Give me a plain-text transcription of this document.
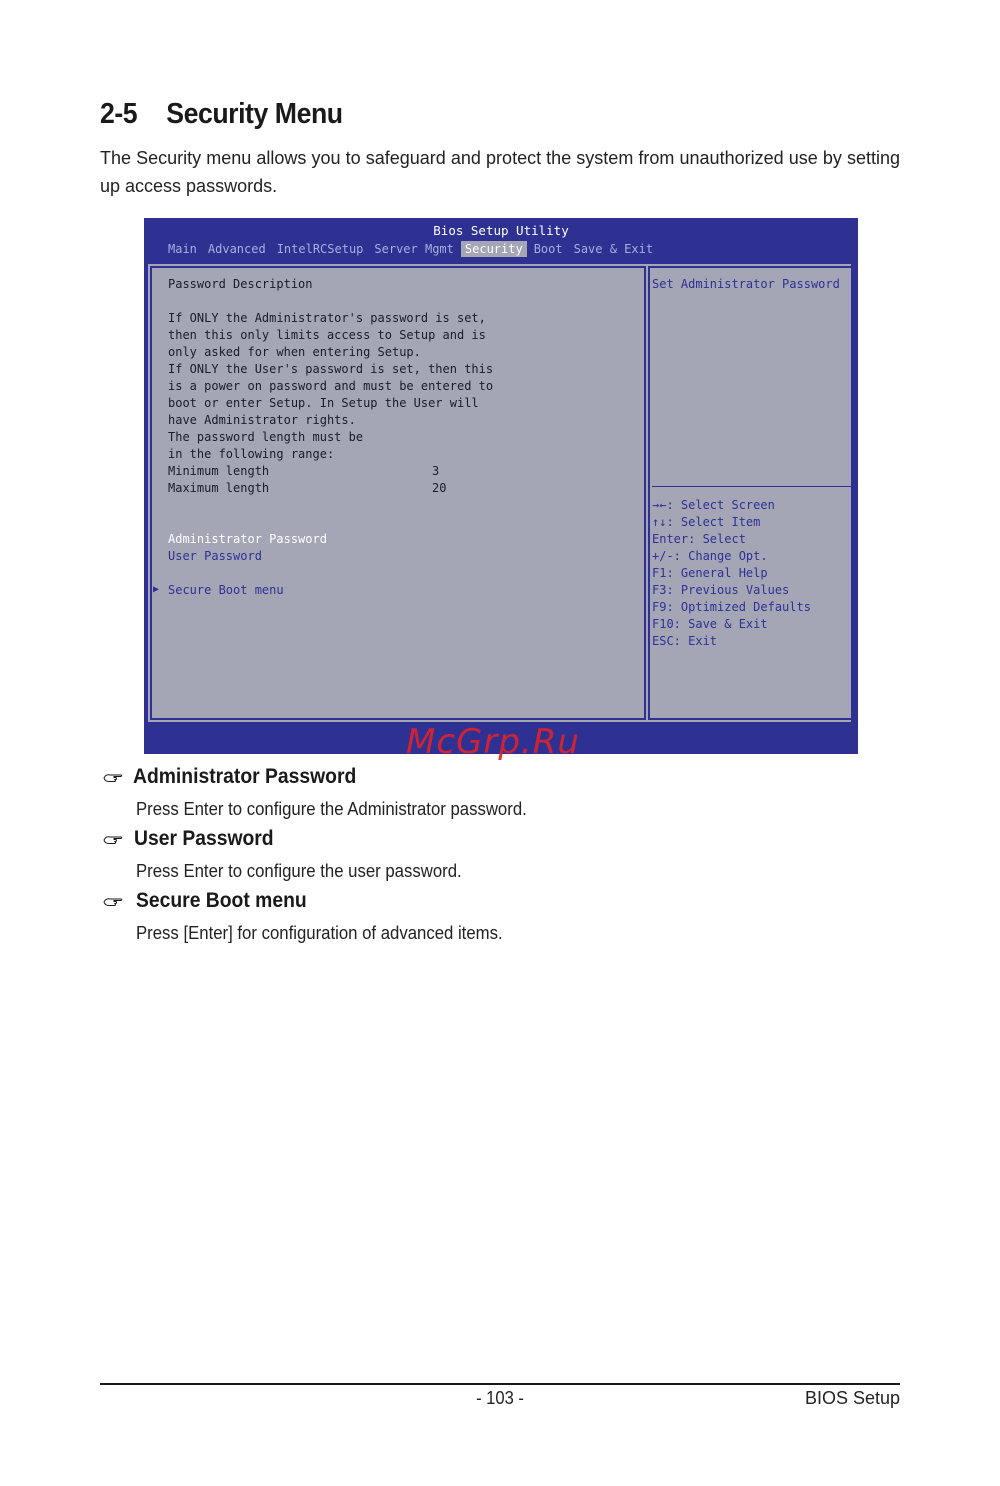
2-5 Security Menu

The Security menu allows you to safeguard and protect the system from unauthorized use by setting up access passwords.

Bios Setup Utility
Main Advanced IntelRCSetup Server Mgmt Security Boot Save & Exit
Password Description
If ONLY the Administrator's password is set,
then this only limits access to Setup and is
only asked for when entering Setup.
If ONLY the User's password is set, then this
is a power on password and must be entered to
boot or enter Setup. In Setup the User will
have Administrator rights.
The password length must be
in the following range:
Minimum length	3
Maximum length	20
Administrator Password
User Password
▶ Secure Boot menu
Set Administrator Password
→←: Select Screen
↑↓: Select Item
Enter: Select
+/-: Change Opt.
F1: General Help
F3: Previous Values
F9: Optimized Defaults
F10: Save & Exit
ESC: Exit
McGrp.Ru
Administrator Password

Press Enter to configure the Administrator password.

User Password

Press Enter to configure the user password.

Secure Boot menu

Press [Enter] for configuration of advanced items.

- 103 -	BIOS Setup
